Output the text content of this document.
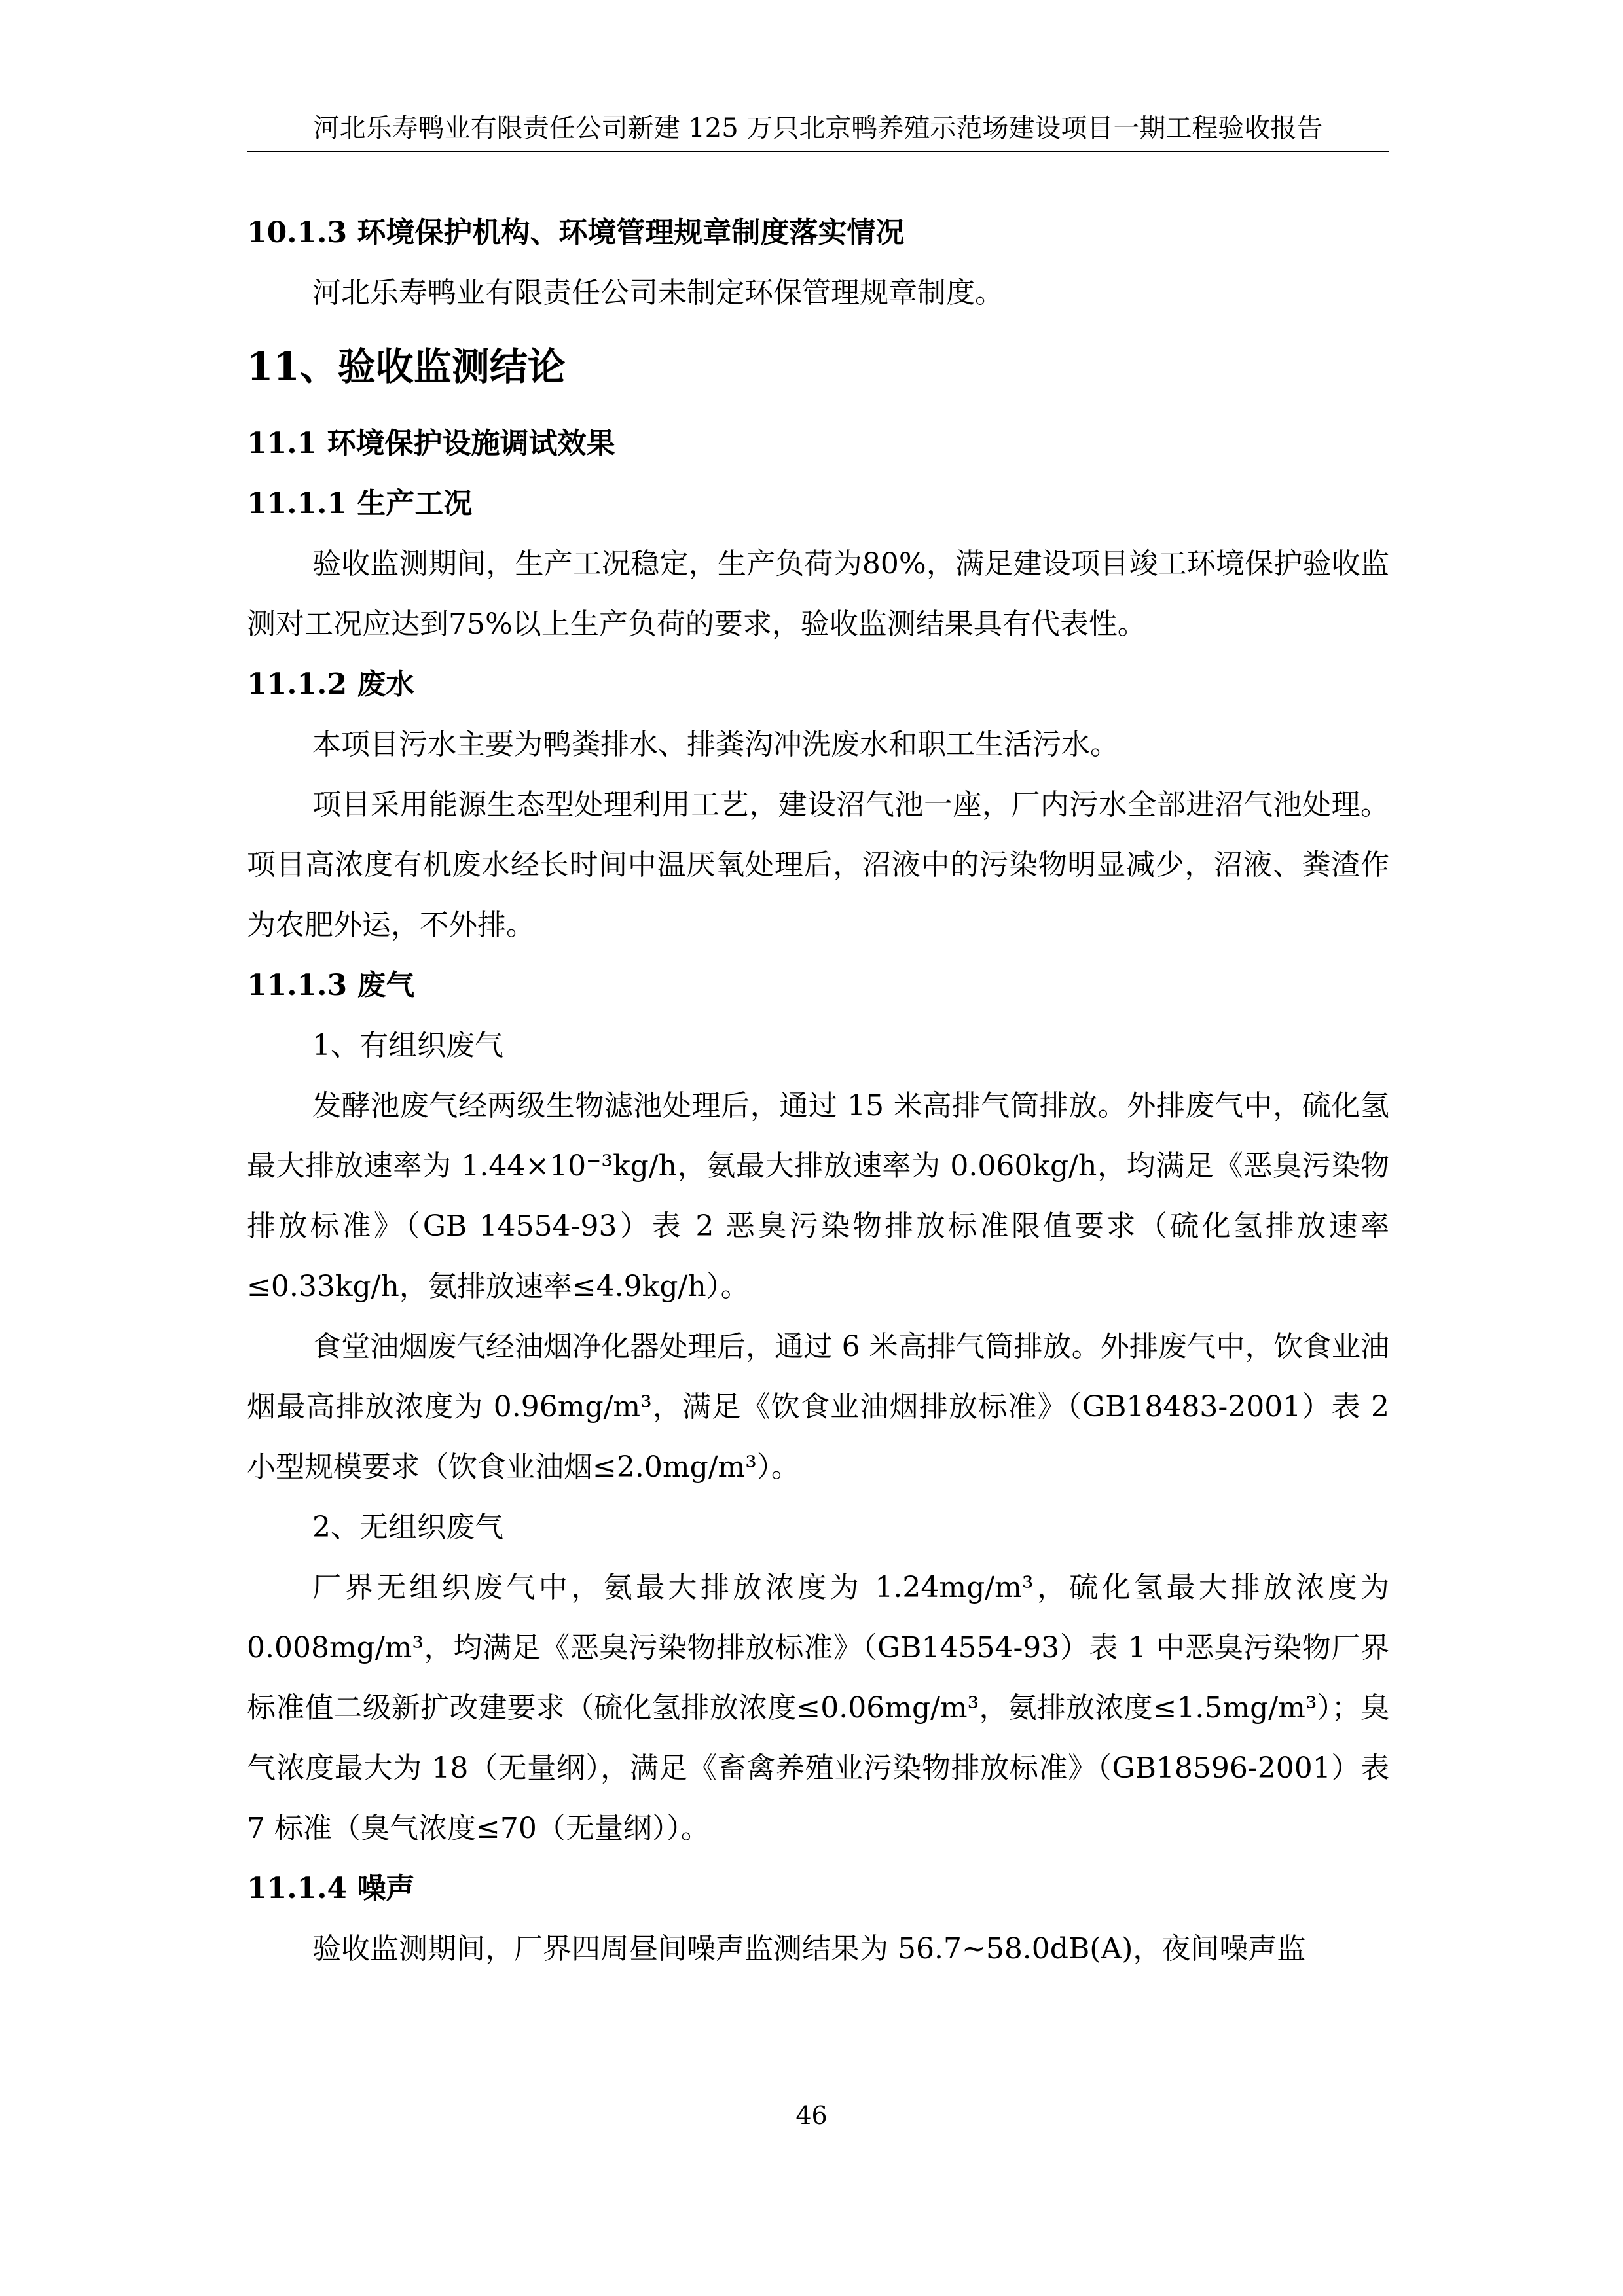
河北乐寿鸭业有限责任公司新建 125 万只北京鸭养殖示范场建设项目一期工程验收报告
10.1.3 环境保护机构、环境管理规章制度落实情况
河北乐寿鸭业有限责任公司未制定环保管理规章制度。
11、验收监测结论
11.1 环境保护设施调试效果
11.1.1 生产工况
验收监测期间，生产工况稳定，生产负荷为80%，满足建设项目竣工环境保护验收监测对工况应达到75%以上生产负荷的要求，验收监测结果具有代表性。
11.1.2 废水
本项目污水主要为鸭粪排水、排粪沟冲洗废水和职工生活污水。
项目采用能源生态型处理利用工艺，建设沼气池一座，厂内污水全部进沼气池处理。项目高浓度有机废水经长时间中温厌氧处理后，沼液中的污染物明显减少，沼液、粪渣作为农肥外运，不外排。
11.1.3 废气
1、有组织废气
发酵池废气经两级生物滤池处理后，通过 15 米高排气筒排放。外排废气中，硫化氢最大排放速率为 1.44×10⁻³kg/h，氨最大排放速率为 0.060kg/h，均满足《恶臭污染物排放标准》（GB 14554-93）表 2 恶臭污染物排放标准限值要求（硫化氢排放速率≤0.33kg/h，氨排放速率≤4.9kg/h）。
食堂油烟废气经油烟净化器处理后，通过 6 米高排气筒排放。外排废气中，饮食业油烟最高排放浓度为 0.96mg/m³，满足《饮食业油烟排放标准》（GB18483-2001）表 2 小型规模要求（饮食业油烟≤2.0mg/m³）。
2、无组织废气
厂界无组织废气中，氨最大排放浓度为 1.24mg/m³，硫化氢最大排放浓度为 0.008mg/m³，均满足《恶臭污染物排放标准》（GB14554-93）表 1 中恶臭污染物厂界标准值二级新扩改建要求（硫化氢排放浓度≤0.06mg/m³，氨排放浓度≤1.5mg/m³）；臭气浓度最大为 18（无量纲），满足《畜禽养殖业污染物排放标准》（GB18596-2001）表 7 标准（臭气浓度≤70（无量纲））。
11.1.4 噪声
验收监测期间，厂界四周昼间噪声监测结果为 56.7~58.0dB(A)，夜间噪声监
46
